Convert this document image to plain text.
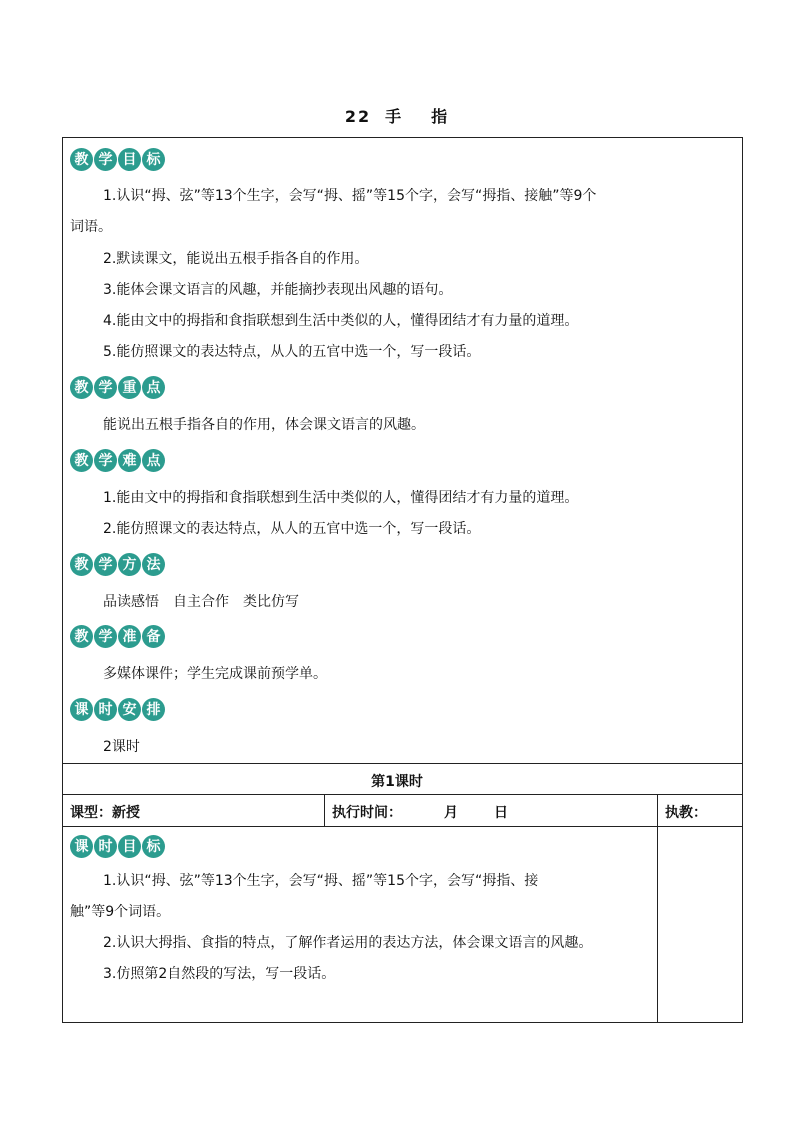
22 手 指
教 学 目 标
1.认识“拇、弦”等13个生字，会写“拇、摇”等15个字，会写“拇指、接触”等9个
词语。
2.默读课文，能说出五根手指各自的作用。
3.能体会课文语言的风趣，并能摘抄表现出风趣的语句。
4.能由文中的拇指和食指联想到生活中类似的人，懂得团结才有力量的道理。
5.能仿照课文的表达特点，从人的五官中选一个，写一段话。
教 学 重 点
能说出五根手指各自的作用，体会课文语言的风趣。
教 学 难 点
1.能由文中的拇指和食指联想到生活中类似的人，懂得团结才有力量的道理。
2.能仿照课文的表达特点，从人的五官中选一个，写一段话。
教 学 方 法
品读感悟　自主合作　类比仿写
教 学 准 备
多媒体课件；学生完成课前预学单。
课 时 安 排
2课时
第1课时
课型：新授	执行时间：	月	日	执教：
课 时 目 标
1.认识“拇、弦”等13个生字，会写“拇、摇”等15个字，会写“拇指、接
触”等9个词语。
2.认识大拇指、食指的特点，了解作者运用的表达方法，体会课文语言的风趣。
3.仿照第2自然段的写法，写一段话。
